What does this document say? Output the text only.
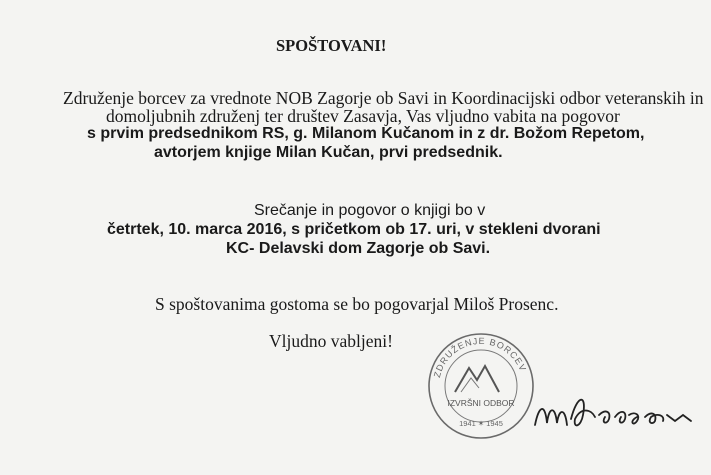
SPOŠTOVANI!
Združenje borcev za vrednote NOB Zagorje ob Savi in Koordinacijski odbor veteranskih in
domoljubnih združenj ter društev Zasavja, Vas vljudno vabita na pogovor
s prvim predsednikom RS, g. Milanom Kučanom in z dr. Božom Repetom,
avtorjem knjige Milan Kučan, prvi predsednik.
Srečanje in pogovor o knjigi bo v
četrtek, 10. marca 2016, s pričetkom ob 17. uri, v stekleni dvorani
KC- Delavski dom Zagorje ob Savi.
S spoštovanima gostoma se bo pogovarjal Miloš Prosenc.
Vljudno vabljeni!
ZDRUŽENJE BORCEV
IZVRŠNI ODBOR
1941 ✶ 1945
